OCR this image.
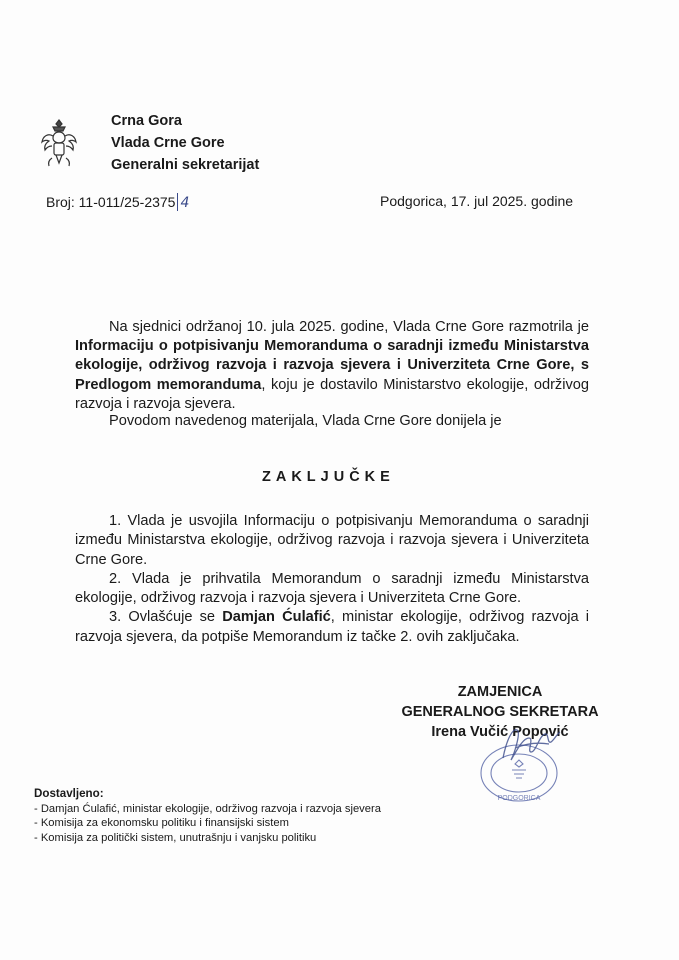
Crna Gora
Vlada Crne Gore
Generalni sekretarijat
Broj: 11-011/25-2375 4	Podgorica, 17. jul 2025. godine
Na sjednici održanoj 10. jula 2025. godine, Vlada Crne Gore razmotrila je Informaciju o potpisivanju Memoranduma o saradnji između Ministarstva ekologije, održivog razvoja i razvoja sjevera i Univerziteta Crne Gore, s Predlogom memoranduma, koju je dostavilo Ministarstvo ekologije, održivog razvoja i razvoja sjevera.
Povodom navedenog materijala, Vlada Crne Gore donijela je
ZAKLJUČKE

1. Vlada je usvojila Informaciju o potpisivanju Memoranduma o saradnji između Ministarstva ekologije, održivog razvoja i razvoja sjevera i Univerziteta Crne Gore.

2. Vlada je prihvatila Memorandum o saradnji između Ministarstva ekologije, održivog razvoja i razvoja sjevera i Univerziteta Crne Gore.

3. Ovlašćuje se Damjan Ćulafić, ministar ekologije, održivog razvoja i razvoja sjevera, da potpiše Memorandum iz tačke 2. ovih zaključaka.

ZAMJENICA
GENERALNOG SEKRETARA
Irena Vučić Popović
PODGORICA
Dostavljeno:
- Damjan Ćulafić, ministar ekologije, održivog razvoja i razvoja sjevera
- Komisija za ekonomsku politiku i finansijski sistem
- Komisija za politički sistem, unutrašnju i vanjsku politiku
